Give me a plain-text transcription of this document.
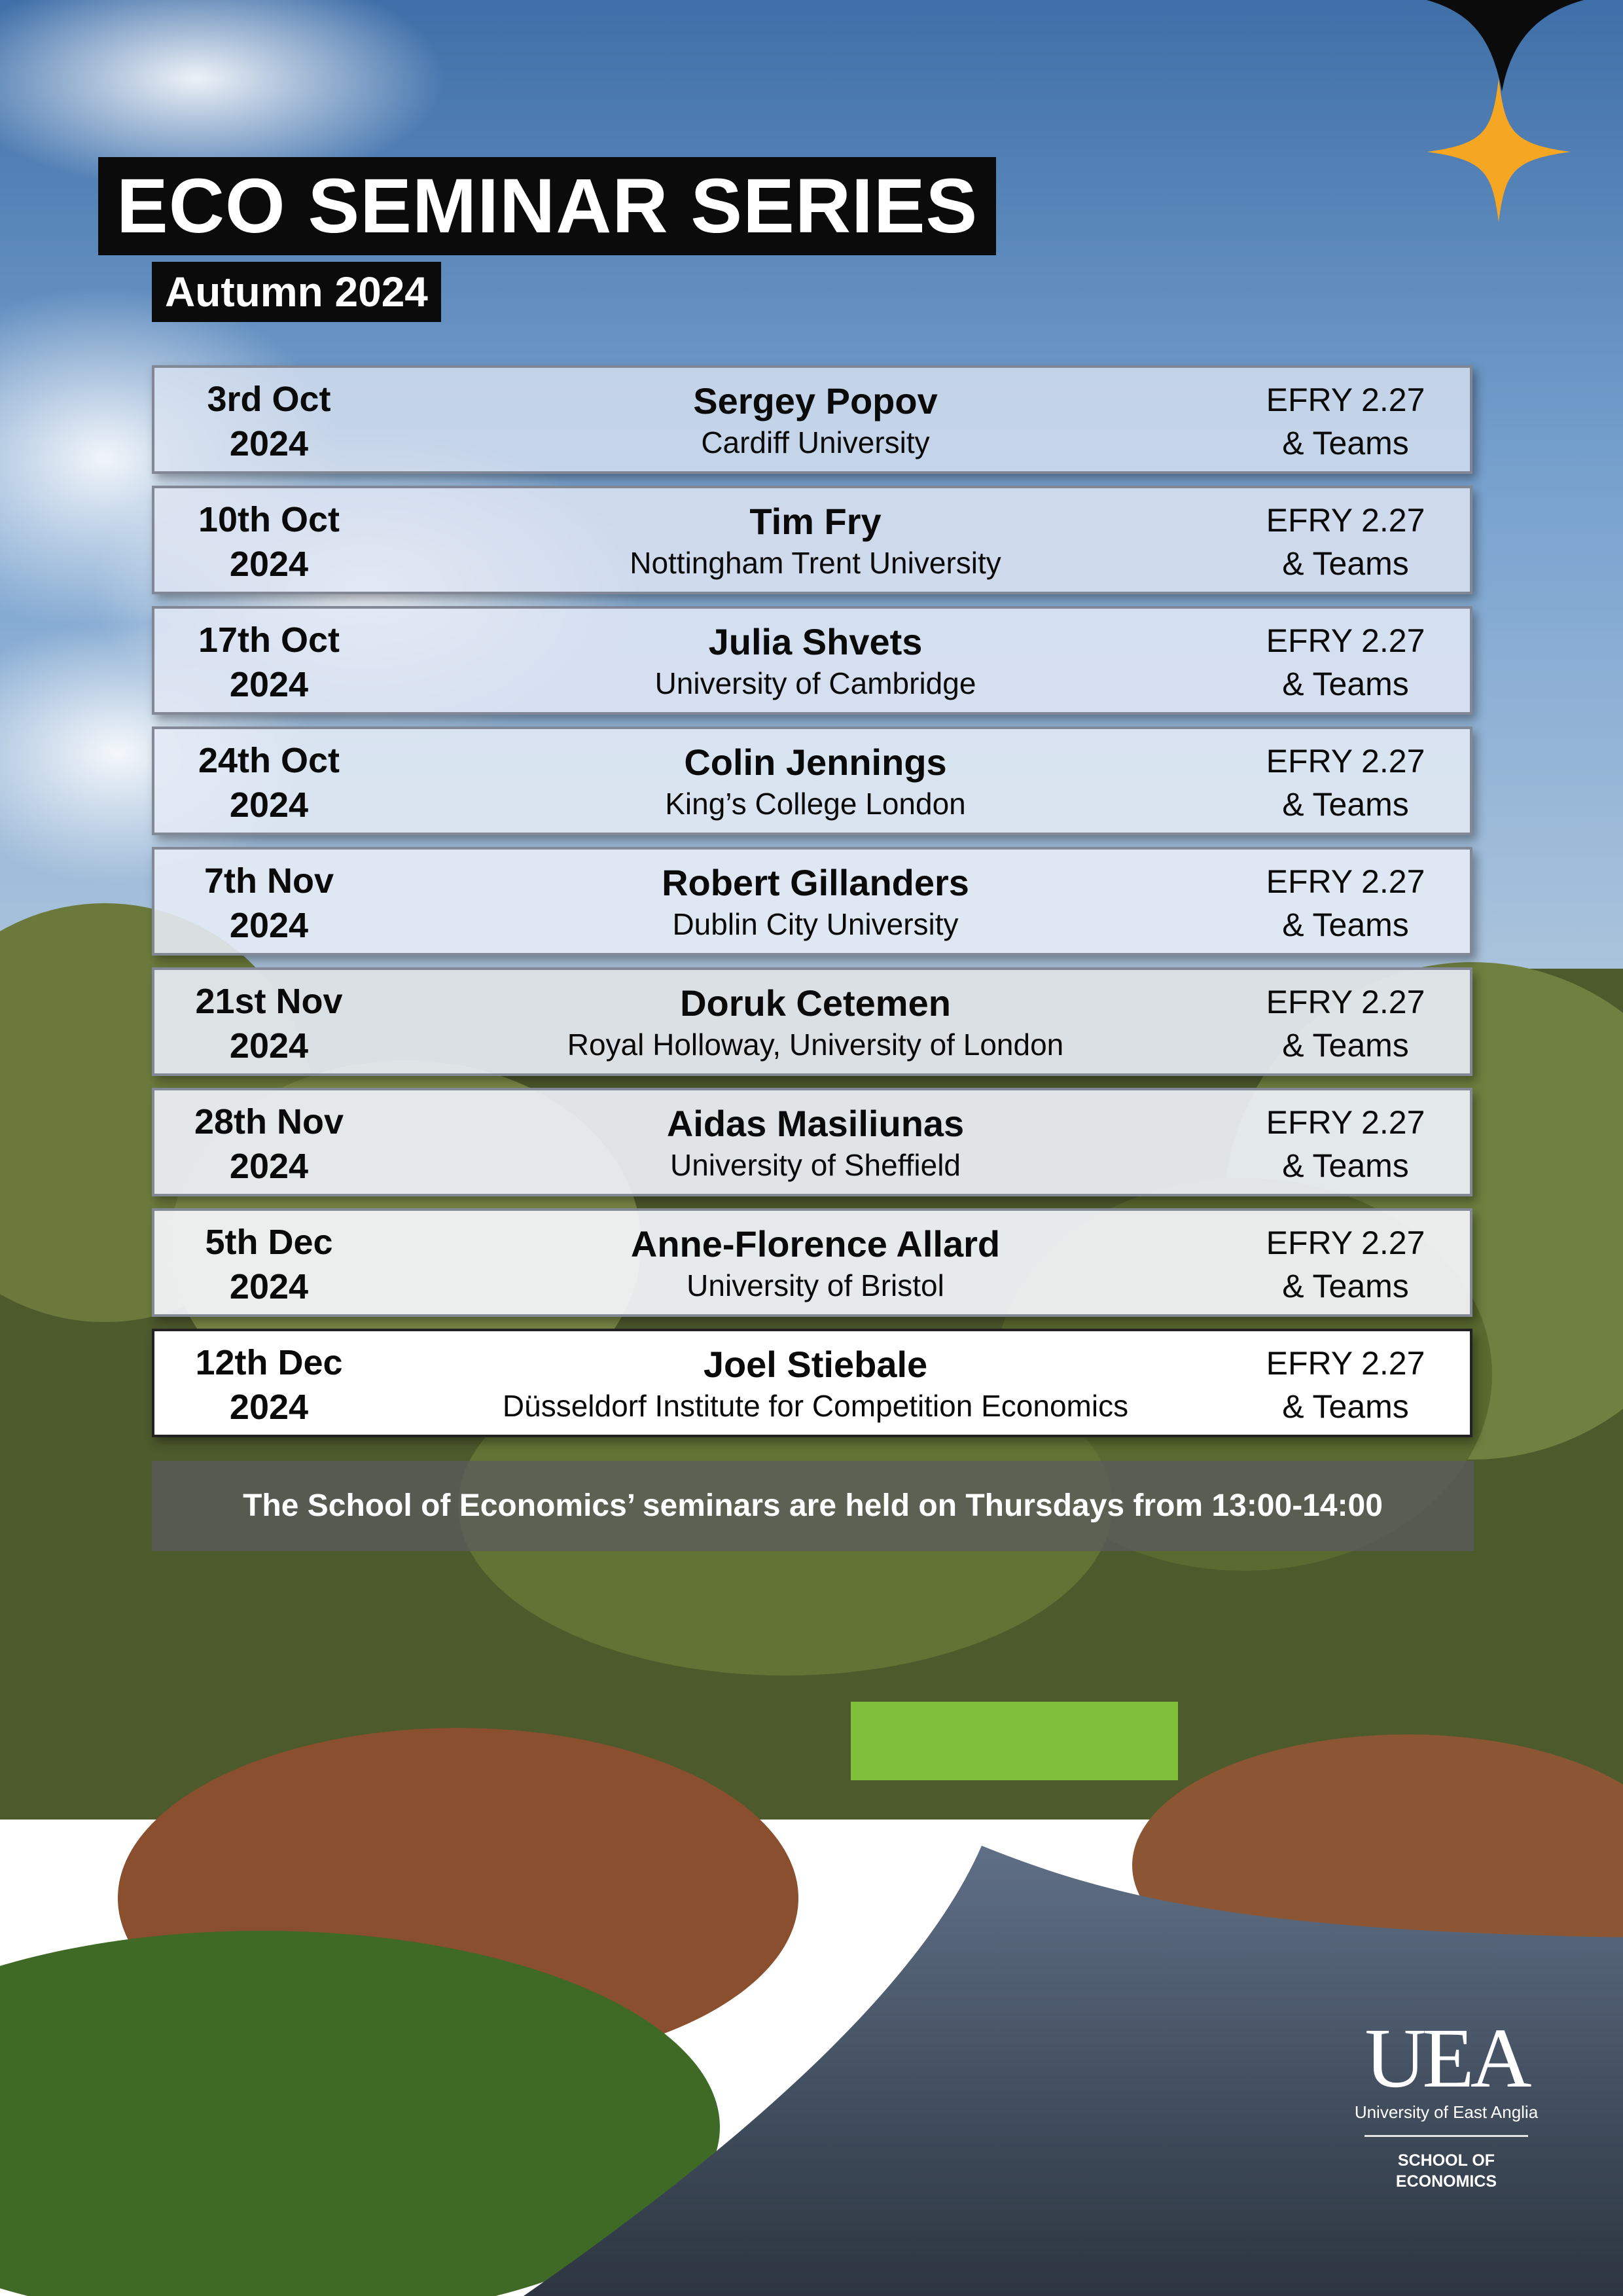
ECO SEMINAR SERIES
Autumn 2024
3rd Oct
2024
Sergey Popov
Cardiff University
EFRY 2.27
& Teams
10th Oct
2024
Tim Fry
Nottingham Trent University
EFRY 2.27
& Teams
17th Oct
2024
Julia Shvets
University of Cambridge
EFRY 2.27
& Teams
24th Oct
2024
Colin Jennings
King’s College London
EFRY 2.27
& Teams
7th Nov
2024
Robert Gillanders
Dublin City University
EFRY 2.27
& Teams
21st Nov
2024
Doruk Cetemen
Royal Holloway, University of London
EFRY 2.27
& Teams
28th Nov
2024
Aidas Masiliunas
University of Sheffield
EFRY 2.27
& Teams
5th Dec
2024
Anne-Florence Allard
University of Bristol
EFRY 2.27
& Teams
12th Dec
2024
Joel Stiebale
Düsseldorf Institute for Competition Economics
EFRY 2.27
& Teams
The School of Economics’ seminars are held on Thursdays from 13:00-14:00
UEA
University of East Anglia
SCHOOL OF
ECONOMICS
